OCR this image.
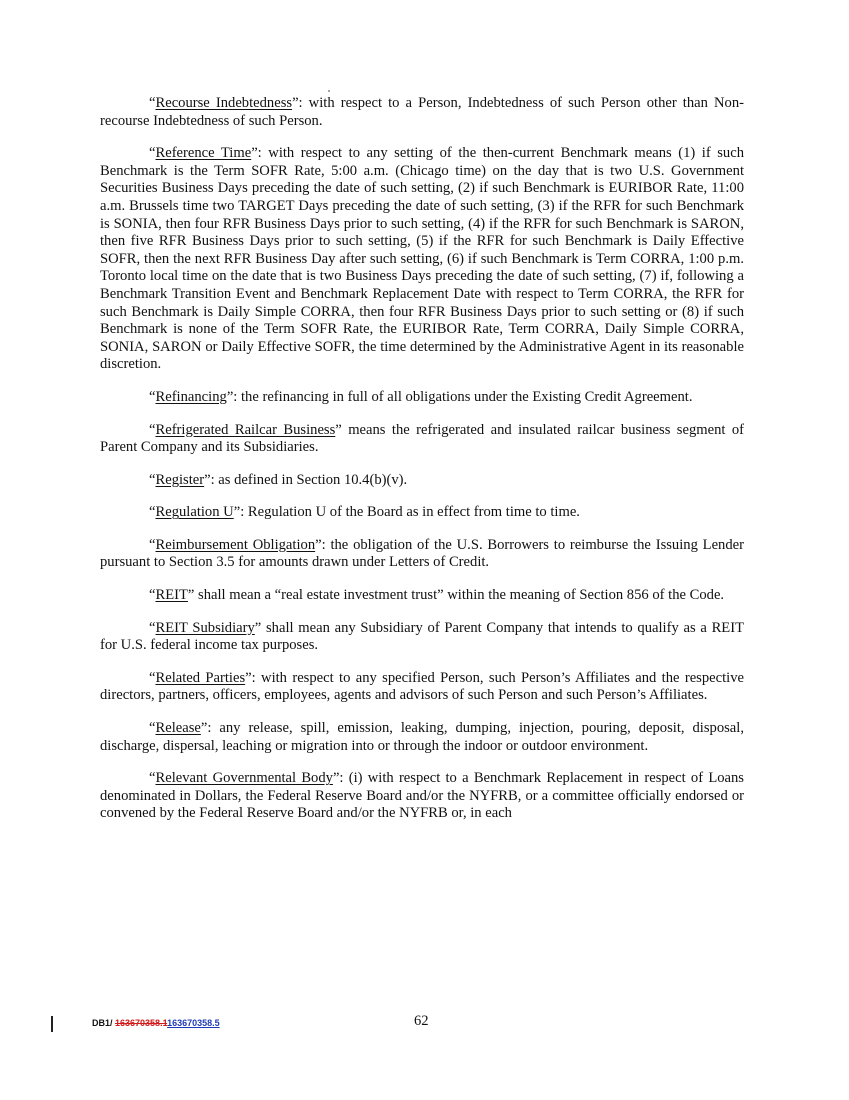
“Recourse Indebtedness”: with respect to a Person, Indebtedness of such Person other than Non-recourse Indebtedness of such Person.

“Reference Time”: with respect to any setting of the then-current Benchmark means (1) if such Benchmark is the Term SOFR Rate, 5:00 a.m. (Chicago time) on the day that is two U.S. Government Securities Business Days preceding the date of such setting, (2) if such Benchmark is EURIBOR Rate, 11:00 a.m. Brussels time two TARGET Days preceding the date of such setting, (3) if the RFR for such Benchmark is SONIA, then four RFR Business Days prior to such setting, (4) if the RFR for such Benchmark is SARON, then five RFR Business Days prior to such setting, (5) if the RFR for such Benchmark is Daily Effective SOFR, then the next RFR Business Day after such setting, (6) if such Benchmark is Term CORRA, 1:00 p.m. Toronto local time on the date that is two Business Days preceding the date of such setting, (7) if, following a Benchmark Transition Event and Benchmark Replacement Date with respect to Term CORRA, the RFR for such Benchmark is Daily Simple CORRA, then four RFR Business Days prior to such setting or (8) if such Benchmark is none of the Term SOFR Rate, the EURIBOR Rate, Term CORRA, Daily Simple CORRA, SONIA, SARON or Daily Effective SOFR, the time determined by the Administrative Agent in its reasonable discretion.

“Refinancing”: the refinancing in full of all obligations under the Existing Credit Agreement.

“Refrigerated Railcar Business” means the refrigerated and insulated railcar business segment of Parent Company and its Subsidiaries.

“Register”: as defined in Section 10.4(b)(v).

“Regulation U”: Regulation U of the Board as in effect from time to time.

“Reimbursement Obligation”: the obligation of the U.S. Borrowers to reimburse the Issuing Lender pursuant to Section 3.5 for amounts drawn under Letters of Credit.

“REIT” shall mean a “real estate investment trust” within the meaning of Section 856 of the Code.

“REIT Subsidiary” shall mean any Subsidiary of Parent Company that intends to qualify as a REIT for U.S. federal income tax purposes.

“Related Parties”: with respect to any specified Person, such Person’s Affiliates and the respective directors, partners, officers, employees, agents and advisors of such Person and such Person’s Affiliates.

“Release”: any release, spill, emission, leaking, dumping, injection, pouring, deposit, disposal, discharge, dispersal, leaching or migration into or through the indoor or outdoor environment.

“Relevant Governmental Body”: (i) with respect to a Benchmark Replacement in respect of Loans denominated in Dollars, the Federal Reserve Board and/or the NYFRB, or a committee officially endorsed or convened by the Federal Reserve Board and/or the NYFRB or, in each

62
DB1/ 163670358.1163670358.5
